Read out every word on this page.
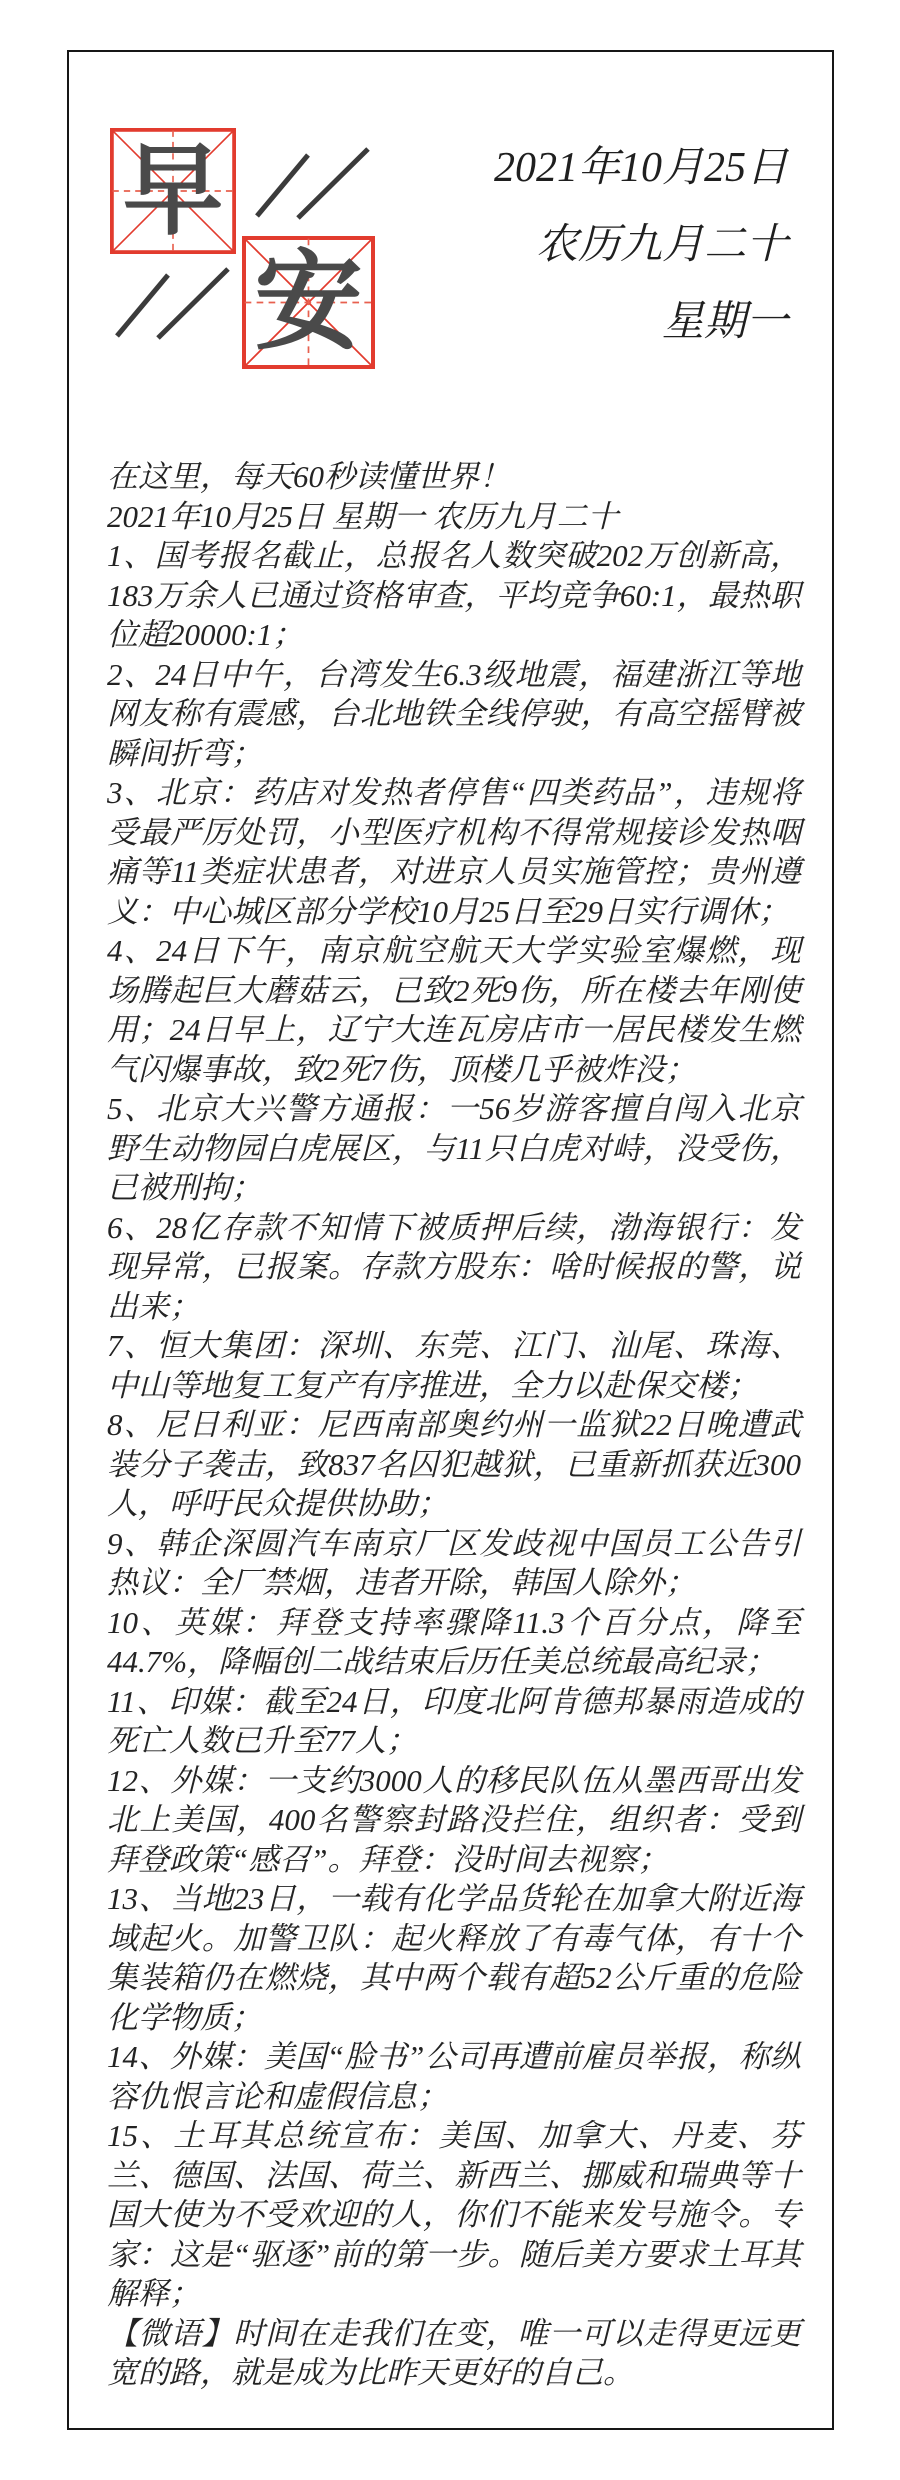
早
安
2021年10月25日
农历九月二十
星期一

在这里，每天60秒读懂世界！

2021年10月25日 星期一 农历九月二十

1、国考报名截止，总报名人数突破202万创新高，183万余人已通过资格审查，平均竞争60:1，最热职位超20000:1；

2、24日中午，台湾发生6.3级地震，福建浙江等地网友称有震感，台北地铁全线停驶，有高空摇臂被瞬间折弯；

3、北京：药店对发热者停售“四类药品”，违规将受最严厉处罚，小型医疗机构不得常规接诊发热咽痛等11类症状患者，对进京人员实施管控；贵州遵义：中心城区部分学校10月25日至29日实行调休；

4、24日下午，南京航空航天大学实验室爆燃，现场腾起巨大蘑菇云，已致2死9伤，所在楼去年刚使用；24日早上，辽宁大连瓦房店市一居民楼发生燃气闪爆事故，致2死7伤，顶楼几乎被炸没；

5、北京大兴警方通报：一56岁游客擅自闯入北京野生动物园白虎展区，与11只白虎对峙，没受伤，已被刑拘；

6、28亿存款不知情下被质押后续，渤海银行：发现异常，已报案。存款方股东：啥时候报的警，说出来；

7、恒大集团：深圳、东莞、江门、汕尾、珠海、中山等地复工复产有序推进，全力以赴保交楼；

8、尼日利亚：尼西南部奥约州一监狱22日晚遭武装分子袭击，致837名囚犯越狱，已重新抓获近300人，呼吁民众提供协助；

9、韩企深圆汽车南京厂区发歧视中国员工公告引热议：全厂禁烟，违者开除，韩国人除外；

10、英媒：拜登支持率骤降11.3个百分点，降至44.7%，降幅创二战结束后历任美总统最高纪录；

11、印媒：截至24日，印度北阿肯德邦暴雨造成的死亡人数已升至77人；

12、外媒：一支约3000人的移民队伍从墨西哥出发北上美国，400名警察封路没拦住，组织者：受到拜登政策“感召”。拜登：没时间去视察；

13、当地23日，一载有化学品货轮在加拿大附近海域起火。加警卫队：起火释放了有毒气体，有十个集装箱仍在燃烧，其中两个载有超52公斤重的危险化学物质；

14、外媒：美国“脸书”公司再遭前雇员举报，称纵容仇恨言论和虚假信息；

15、土耳其总统宣布：美国、加拿大、丹麦、芬兰、德国、法国、荷兰、新西兰、挪威和瑞典等十国大使为不受欢迎的人，你们不能来发号施令。专家：这是“驱逐”前的第一步。随后美方要求土耳其解释；

【微语】时间在走我们在变，唯一可以走得更远更宽的路，就是成为比昨天更好的自己。
